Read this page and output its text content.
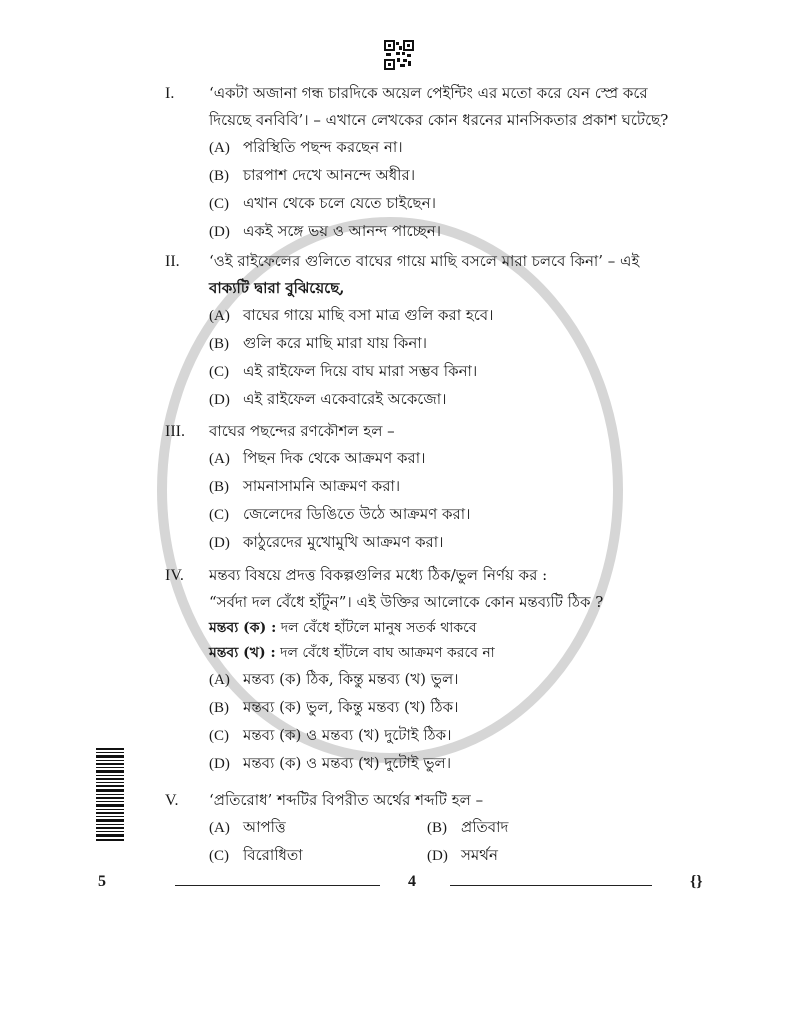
I.	‘একটা অজানা গন্ধ চারদিকে অয়েল পেইন্টিং এর মতো করে যেন স্প্রে করে
দিয়েছে বনবিবি’। – এখানে লেখকের কোন ধরনের মানসিকতার প্রকাশ ঘটেছে?
(A) পরিস্থিতি পছন্দ করছেন না।
(B) চারপাশ দেখে আনন্দে অধীর।
(C) এখান থেকে চলে যেতে চাইছেন।
(D) একই সঙ্গে ভয় ও আনন্দ পাচ্ছেন।
II.	‘ওই রাইফেলের গুলিতে বাঘের গায়ে মাছি বসলে মারা চলবে কিনা’ – এই
বাক্যটি দ্বারা বুঝিয়েছে,
(A) বাঘের গায়ে মাছি বসা মাত্র গুলি করা হবে।
(B) গুলি করে মাছি মারা যায় কিনা।
(C) এই রাইফেল দিয়ে বাঘ মারা সম্ভব কিনা।
(D) এই রাইফেল একেবারেই অকেজো।
III.	বাঘের পছন্দের রণকৌশল হল –
(A) পিছন দিক থেকে আক্রমণ করা।
(B) সামনাসামনি আক্রমণ করা।
(C) জেলেদের ডিঙিতে উঠে আক্রমণ করা।
(D) কাঠুরেদের মুখোমুখি আক্রমণ করা।
IV.	মন্তব্য বিষয়ে প্রদত্ত বিকল্পগুলির মধ্যে ঠিক/ভুল নির্ণয় কর :
“সর্বদা দল বেঁধে হাঁটুন”। এই উক্তির আলোকে কোন মন্তব্যটি ঠিক ?
মন্তব্য (ক) : দল বেঁধে হাঁটলে মানুষ সতর্ক থাকবে
মন্তব্য (খ) : দল বেঁধে হাঁটলে বাঘ আক্রমণ করবে না
(A) মন্তব্য (ক) ঠিক, কিন্তু মন্তব্য (খ) ভুল।
(B) মন্তব্য (ক) ভুল, কিন্তু মন্তব্য (খ) ঠিক।
(C) মন্তব্য (ক) ও মন্তব্য (খ) দুটোই ঠিক।
(D) মন্তব্য (ক) ও মন্তব্য (খ) দুটোই ভুল।
V.	‘প্রতিরোধ’ শব্দটির বিপরীত অর্থের শব্দটি হল –
(A) আপত্তি	(B) প্রতিবাদ
(C) বিরোধিতা	(D) সমর্থন
5	4	{}
